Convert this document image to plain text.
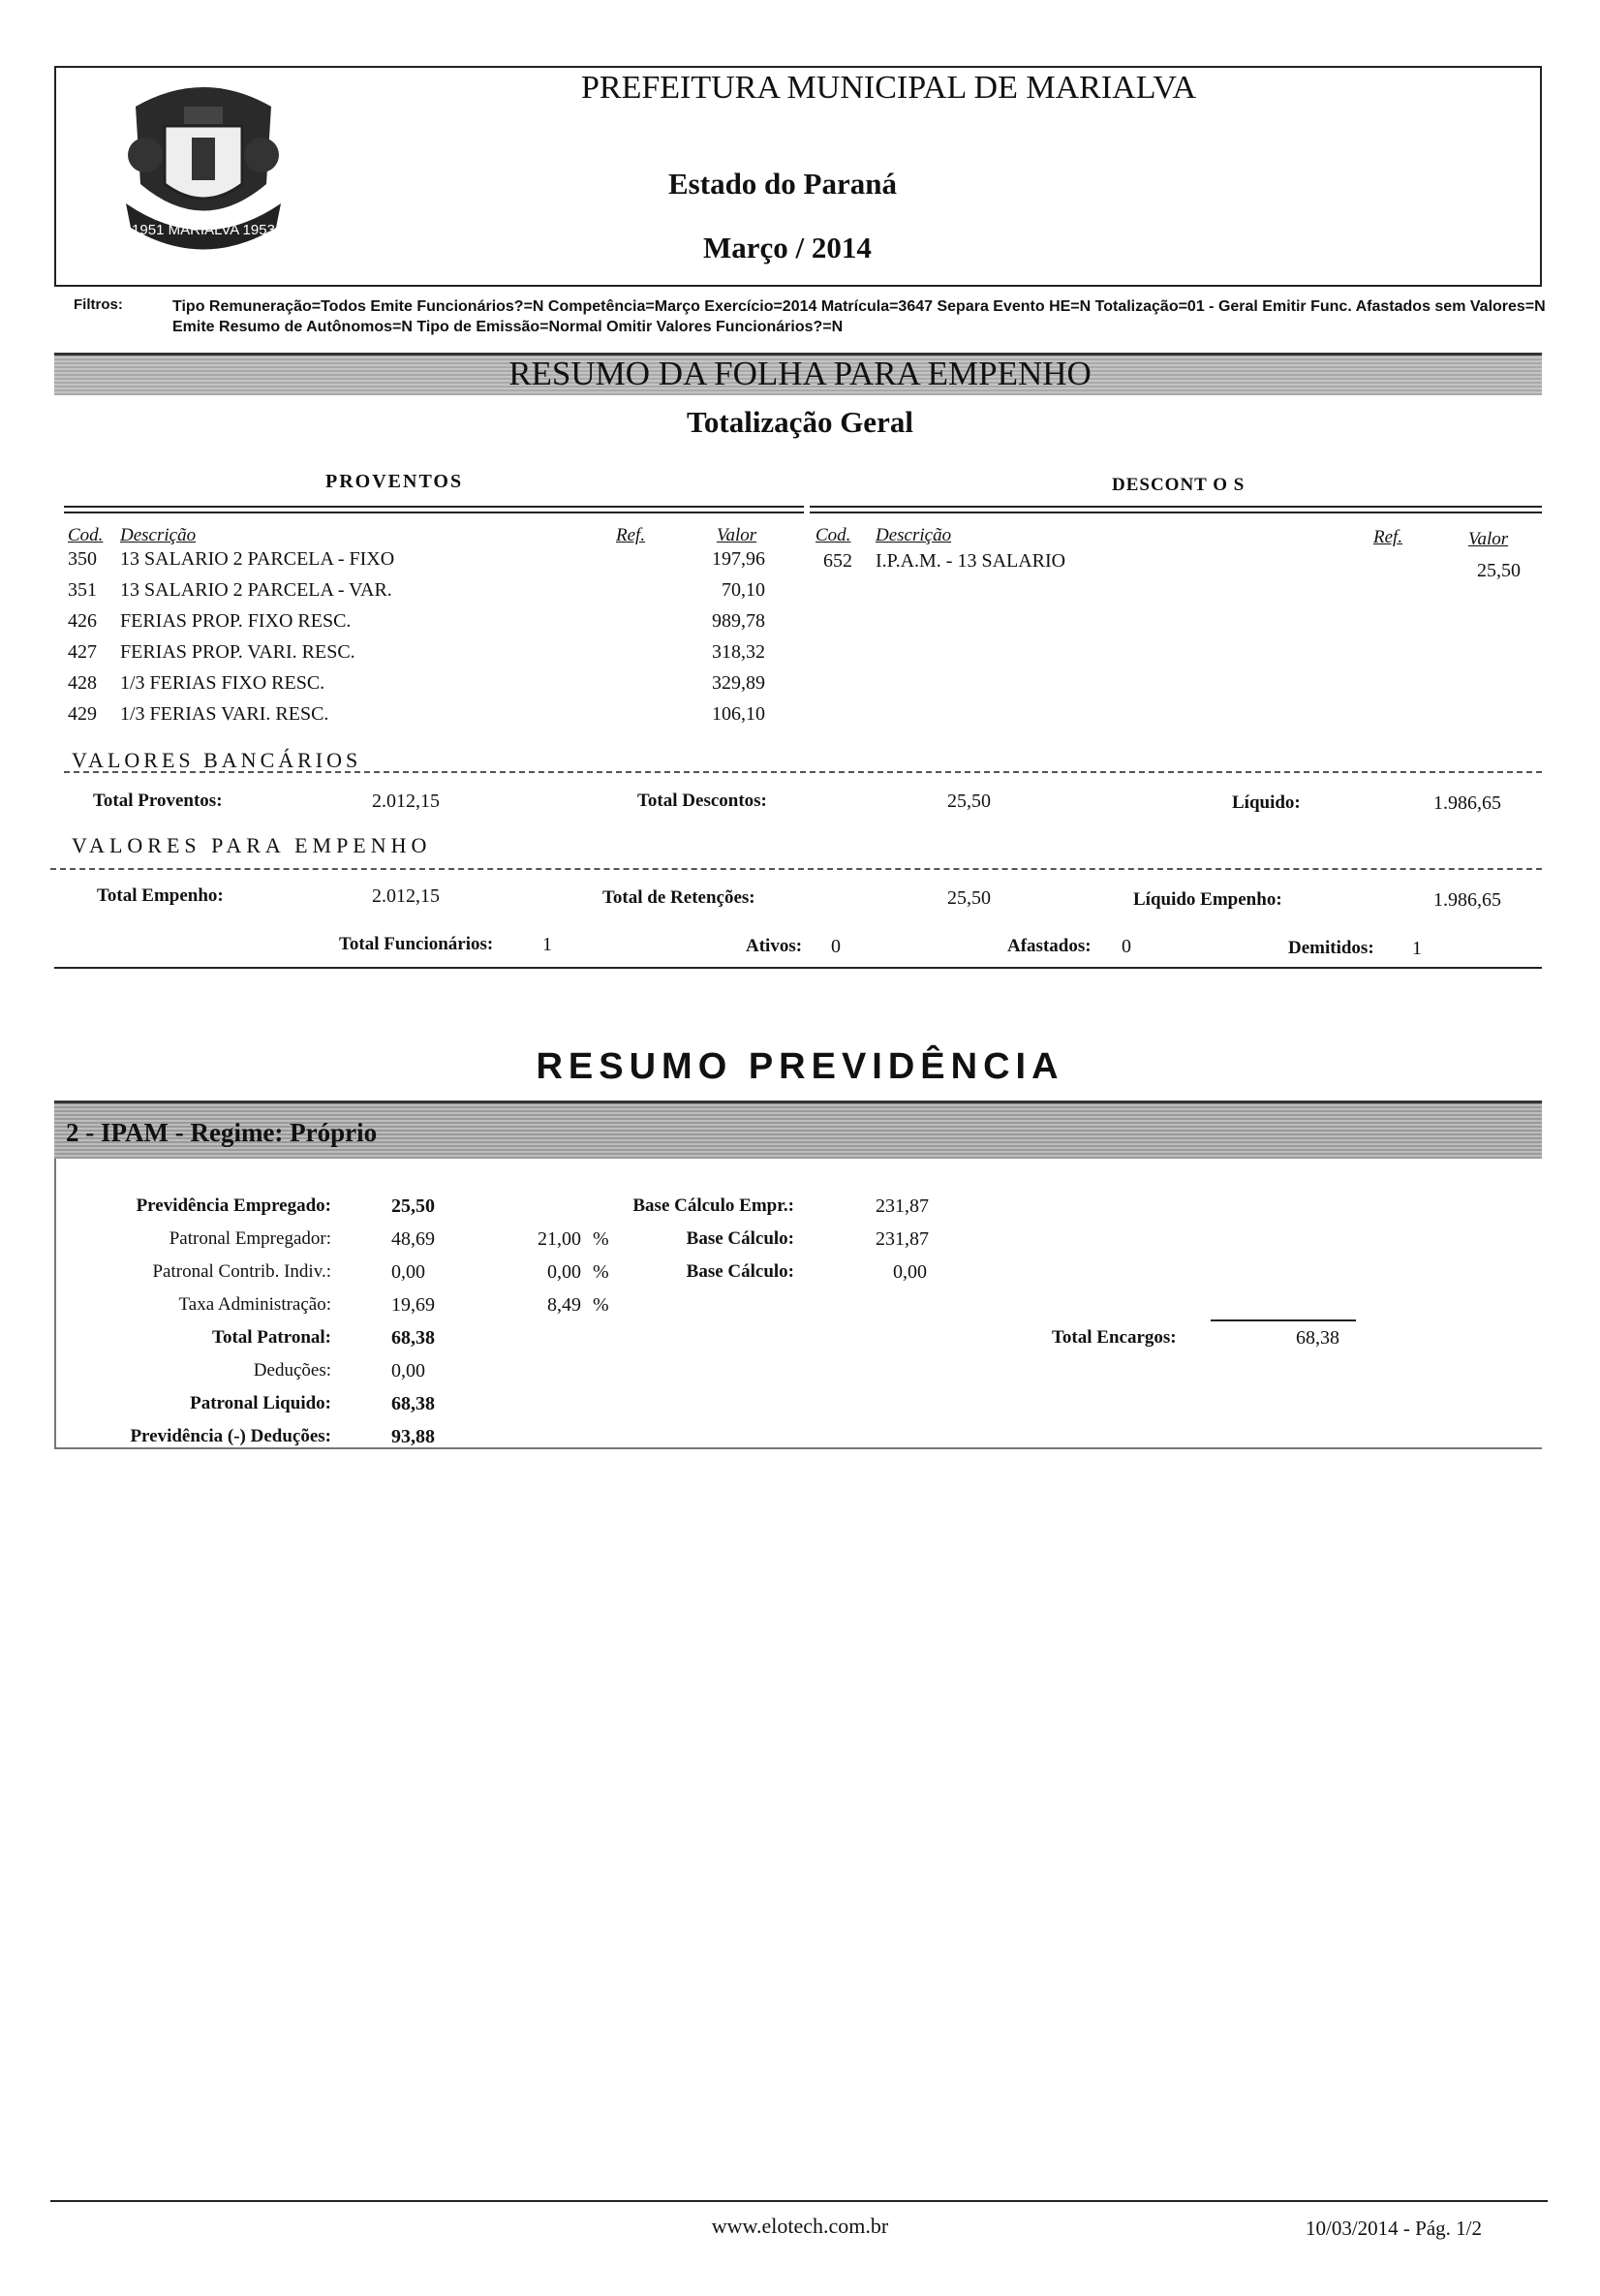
1951 MARIALVA 1953
PREFEITURA MUNICIPAL DE MARIALVA
Estado do Paraná
Março / 2014
Filtros:	Tipo Remuneração=Todos Emite Funcionários?=N Competência=Março Exercício=2014 Matrícula=3647 Separa Evento HE=N Totalização=01 - Geral Emitir Func. Afastados sem Valores=N Emite Resumo de Autônomos=N Tipo de Emissão=Normal Omitir Valores Funcionários?=N
RESUMO DA FOLHA PARA EMPENHO
Totalização Geral
PROVENTOS	DESCONT O S
Cod. Descrição	Ref.	Valor	Cod. Descrição	Ref.	Valor
350	13 SALARIO 2 PARCELA - FIXO	197,96
351	13 SALARIO 2 PARCELA - VAR.	70,10
426	FERIAS PROP. FIXO RESC.	989,78
427	FERIAS PROP. VARI. RESC.	318,32
428	1/3 FERIAS FIXO RESC.	329,89
429	1/3 FERIAS VARI. RESC.	106,10
652	I.P.A.M. - 13 SALARIO	25,50
VALORES BANCÁRIOS
Total Proventos:	2.012,15	Total Descontos:	25,50	Líquido:	1.986,65
VALORES PARA EMPENHO
Total Empenho:	2.012,15	Total de Retenções:	25,50	Líquido Empenho:	1.986,65
Total Funcionários:	1	Ativos: 0	Afastados: 0	Demitidos: 1
RESUMO PREVIDÊNCIA
2 - IPAM - Regime: Próprio
Previdência Empregado:	25,50	Base Cálculo Empr.:	231,87
Patronal Empregador:	48,69	21,00 %	Base Cálculo:	231,87
Patronal Contrib. Indiv.:	0,00	0,00 %	Base Cálculo:	0,00
Taxa Administração:	19,69	8,49 %
Total Patronal:	68,38
Deduções:	0,00
Patronal Liquido:	68,38
Previdência (-) Deduções:	93,88
Total Encargos:	68,38
www.elotech.com.br	10/03/2014 - Pág. 1/2
